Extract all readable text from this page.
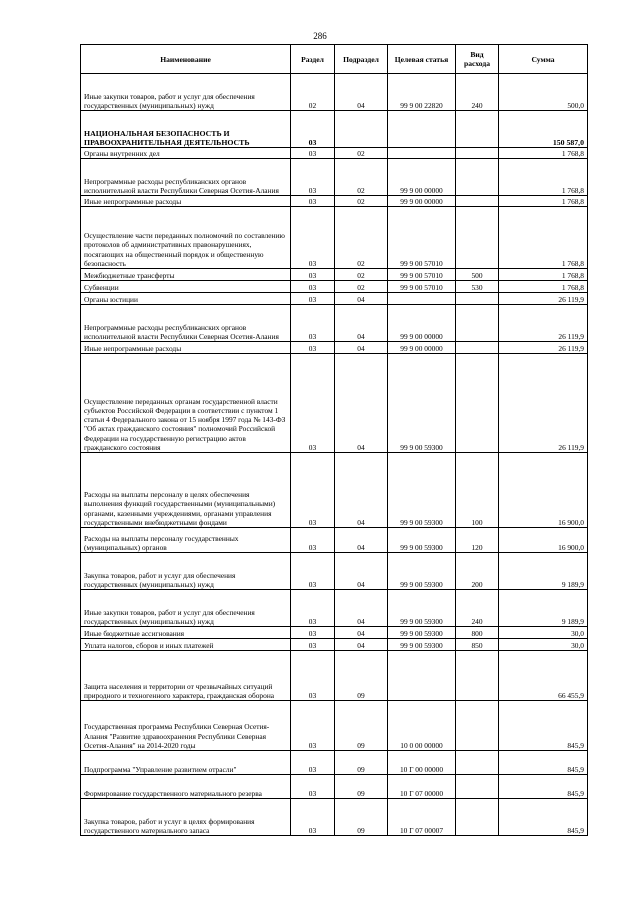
286
Наименование	Раздел	Подраздел	Целевая статья	Вид расхода	Сумма
Иные закупки товаров, работ и услуг для обеспечения государственных (муниципальных) нужд	02	04	99 9 00 22820	240	500,0
НАЦИОНАЛЬНАЯ БЕЗОПАСНОСТЬ И ПРАВООХРАНИТЕЛЬНАЯ ДЕЯТЕЛЬНОСТЬ	03				150 587,0
Органы внутренних дел	03	02			1 768,8
Непрограммные расходы республиканских органов исполнительной власти Республики Северная Осетия-Алания	03	02	99 9 00 00000		1 768,8
Иные непрограммные расходы	03	02	99 9 00 00000		1 768,8
Осуществление части переданных полномочий по составлению протоколов об административных правонарушениях, посягающих на общественный порядок и общественную безопасность	03	02	99 9 00 57010		1 768,8
Межбюджетные трансферты	03	02	99 9 00 57010	500	1 768,8
Субвенции	03	02	99 9 00 57010	530	1 768,8
Органы юстиции	03	04			26 119,9
Непрограммные расходы республиканских органов исполнительной власти Республики Северная Осетия-Алания	03	04	99 9 00 00000		26 119,9
Иные непрограммные расходы	03	04	99 9 00 00000		26 119,9
Осуществление переданных органам государственной власти субъектов Российской Федерации в соответствии с пунктом 1 статьи 4 Федерального закона от 15 ноября 1997 года № 143-ФЗ "Об актах гражданского состояния" полномочий Российской Федерации на государственную регистрацию актов гражданского состояния	03	04	99 9 00 59300		26 119,9
Расходы на выплаты персоналу в целях обеспечения выполнения функций государственными (муниципальными) органами, казенными учреждениями, органами управления государственными внебюджетными фондами	03	04	99 9 00 59300	100	16 900,0
Расходы на выплаты персоналу государственных (муниципальных) органов	03	04	99 9 00 59300	120	16 900,0
Закупка товаров, работ и услуг для обеспечения государственных (муниципальных) нужд	03	04	99 9 00 59300	200	9 189,9
Иные закупки товаров, работ и услуг для обеспечения государственных (муниципальных) нужд	03	04	99 9 00 59300	240	9 189,9
Иные бюджетные ассигнования	03	04	99 9 00 59300	800	30,0
Уплата налогов, сборов и иных платежей	03	04	99 9 00 59300	850	30,0
Защита населения и территории от чрезвычайных ситуаций природного и техногенного характера, гражданская оборона	03	09			66 455,9
Государственная программа Республики Северная Осетия-Алания "Развитие здравоохранения Республики Северная Осетия-Алания" на 2014-2020 годы	03	09	10 0 00 00000		845,9
Подпрограмма "Управление развитием отрасли"	03	09	10 Г 00 00000		845,9
Формирование государственного материального резерва	03	09	10 Г 07 00000		845,9
Закупка товаров, работ и услуг в целях формирования государственного материального запаса	03	09	10 Г 07 00007		845,9
